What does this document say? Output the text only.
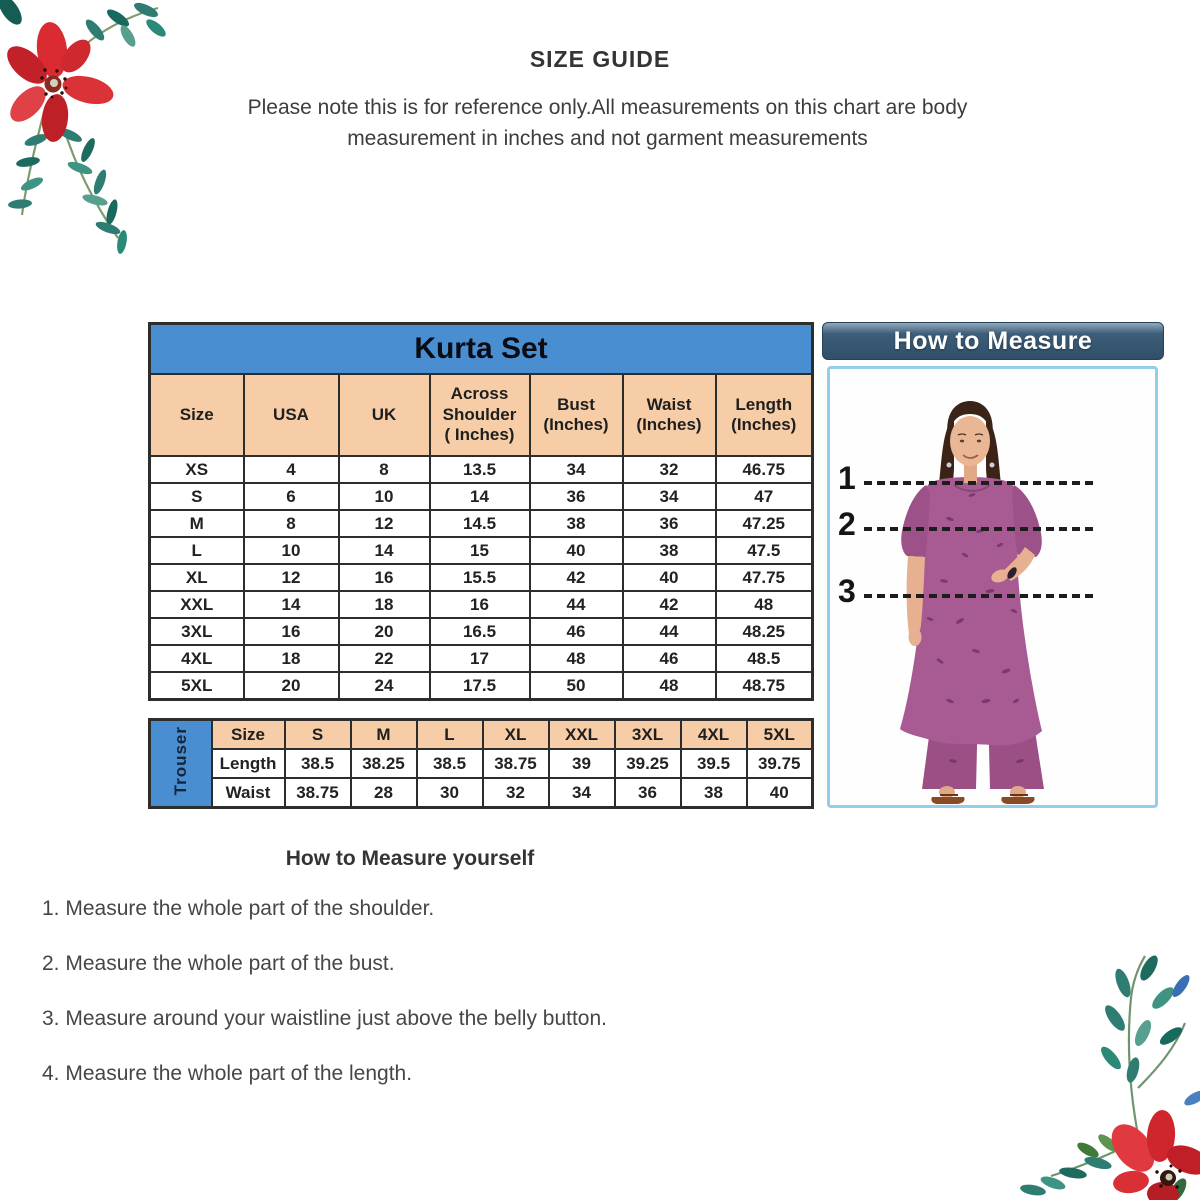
SIZE GUIDE
Please note this is for reference only.All measurements on this chart are body
measurement in inches and not garment measurements
Kurta Set						
Size	USA	UK	Across Shoulder ( Inches)	Bust (Inches)	Waist (Inches)	Length (Inches)
XS	4	8	13.5	34	32	46.75
S	6	10	14	36	34	47
M	8	12	14.5	38	36	47.25
L	10	14	15	40	38	47.5
XL	12	16	15.5	42	40	47.75
XXL	14	18	16	44	42	48
3XL	16	20	16.5	46	44	48.25
4XL	18	22	17	48	46	48.5
5XL	20	24	17.5	50	48	48.75
Trouser	Size	S	M	L	XL	XXL	3XL	4XL	5XL
	Length	38.5	38.25	38.5	38.75	39	39.25	39.5	39.75
	Waist	38.75	28	30	32	34	36	38	40
How to Measure
1
2
3
How to Measure yourself
1. Measure the whole part of the shoulder.
2. Measure the whole part of the bust.
3. Measure around your waistline just above the belly button.
4. Measure the whole part of the length.
